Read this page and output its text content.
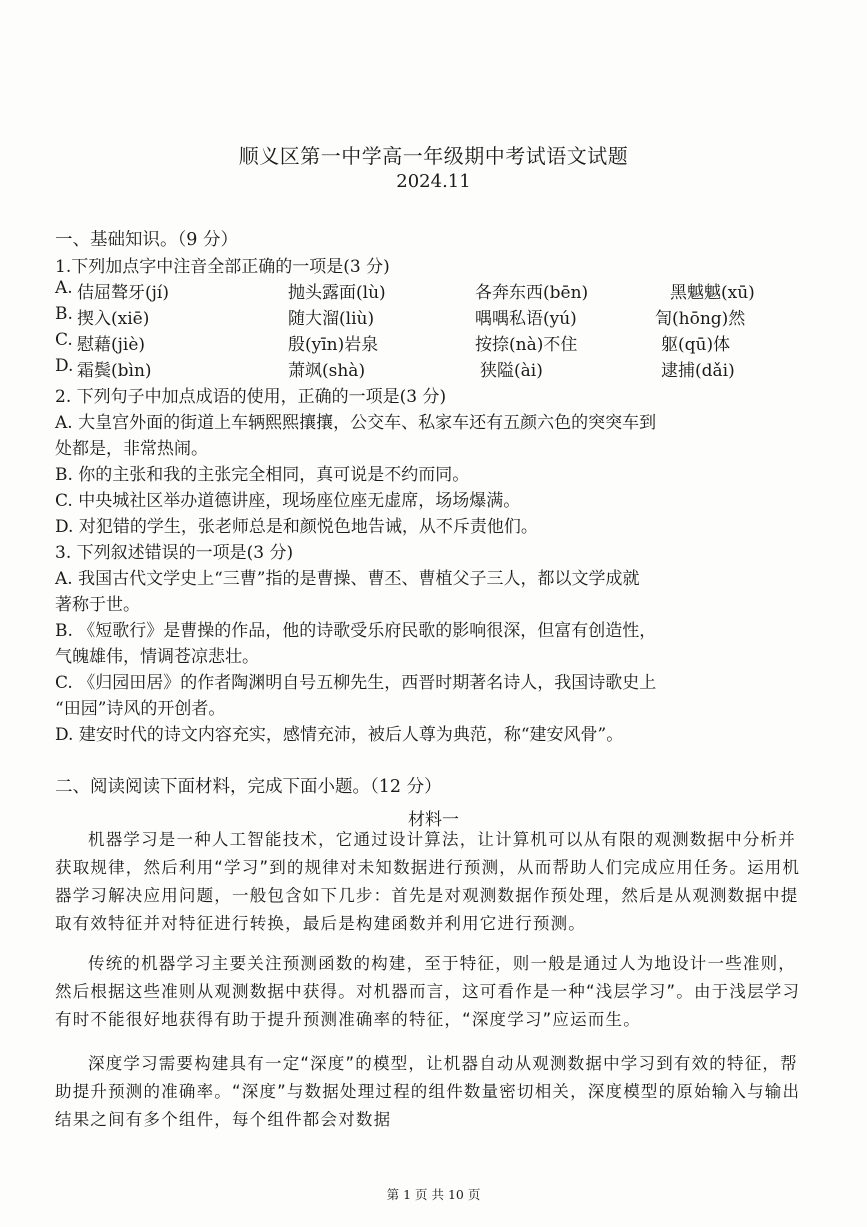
顺义区第一中学高一年级期中考试语文试题
2024.11
一、基础知识。（9 分）
1.下列加点字中注音全部正确的一项是(3 分)
A. 佶屈聱牙(jí)	抛头露面(lù)	各奔东西(bēn)	黑魆魆(xū)
B. 揳入(xiē)	随大溜(liù)	喁喁私语(yú)	訇(hōng)然
C. 慰藉(jiè)	殷(yīn)岩泉	按捺(nà)不住	躯(qū)体
D. 霜鬓(bìn)	萧飒(shà)	狭隘(ài)	逮捕(dǎi)
2. 下列句子中加点成语的使用，正确的一项是(3 分)
A. 大皇宫外面的街道上车辆熙熙攘攘，公交车、私家车还有五颜六色的突突车到
处都是，非常热闹。
B. 你的主张和我的主张完全相同，真可说是不约而同。
C. 中央城社区举办道德讲座，现场座位座无虚席，场场爆满。
D. 对犯错的学生，张老师总是和颜悦色地告诫，从不斥责他们。
3. 下列叙述错误的一项是(3 分)
A. 我国古代文学史上“三曹”指的是曹操、曹丕、曹植父子三人，都以文学成就
著称于世。
B. 《短歌行》是曹操的作品，他的诗歌受乐府民歌的影响很深，但富有创造性，
气魄雄伟，情调苍凉悲壮。
C. 《归园田居》的作者陶渊明自号五柳先生，西晋时期著名诗人，我国诗歌史上
“田园”诗风的开创者。
D. 建安时代的诗文内容充实，感情充沛，被后人尊为典范，称“建安风骨”。
二、阅读阅读下面材料，完成下面小题。（12 分）
材料一

机器学习是一种人工智能技术，它通过设计算法，让计算机可以从有限的观测数据中分析并获取规律，然后利用“学习”到的规律对未知数据进行预测，从而帮助人们完成应用任务。运用机器学习解决应用问题，一般包含如下几步：首先是对观测数据作预处理，然后是从观测数据中提取有效特征并对特征进行转换，最后是构建函数并利用它进行预测。

传统的机器学习主要关注预测函数的构建，至于特征，则一般是通过人为地设计一些准则，然后根据这些准则从观测数据中获得。对机器而言，这可看作是一种“浅层学习”。由于浅层学习有时不能很好地获得有助于提升预测准确率的特征，“深度学习”应运而生。

深度学习需要构建具有一定“深度”的模型，让机器自动从观测数据中学习到有效的特征，帮助提升预测的准确率。“深度”与数据处理过程的组件数量密切相关，深度模型的原始输入与输出结果之间有多个组件，每个组件都会对数据

第 1 页 共 10 页
